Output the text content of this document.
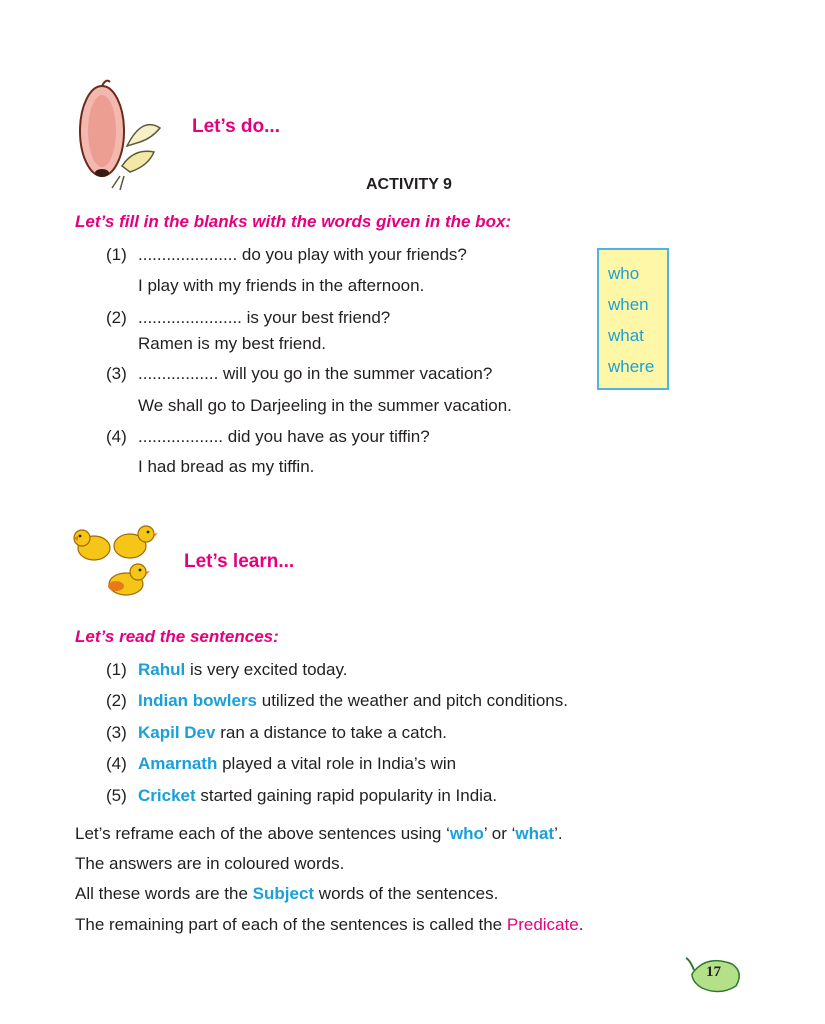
Let’s do...
ACTIVITY 9
Let’s fill in the blanks with the words given in the box:
(1) ..................... do you play with your friends?
I play with my friends in the afternoon.
(2) ...................... is your best friend?
Ramen is my best friend.
(3) ................. will you go in the summer vacation?
We shall go to Darjeeling in the summer vacation.
(4) .................. did you have as your tiffin?
I had bread as my tiffin.
who
when
what
where
Let’s learn...
Let’s read the sentences:
(1) Rahul is very excited today.
(2) Indian bowlers utilized the weather and pitch conditions.
(3) Kapil Dev ran a distance to take a catch.
(4) Amarnath played a vital role in India’s win
(5) Cricket started gaining rapid popularity in India.
Let’s reframe each of the above sentences using ‘who’ or ‘what’.
The answers are in coloured words.
All these words are the Subject words of the sentences.
The remaining part of each of the sentences is called the Predicate.
17
